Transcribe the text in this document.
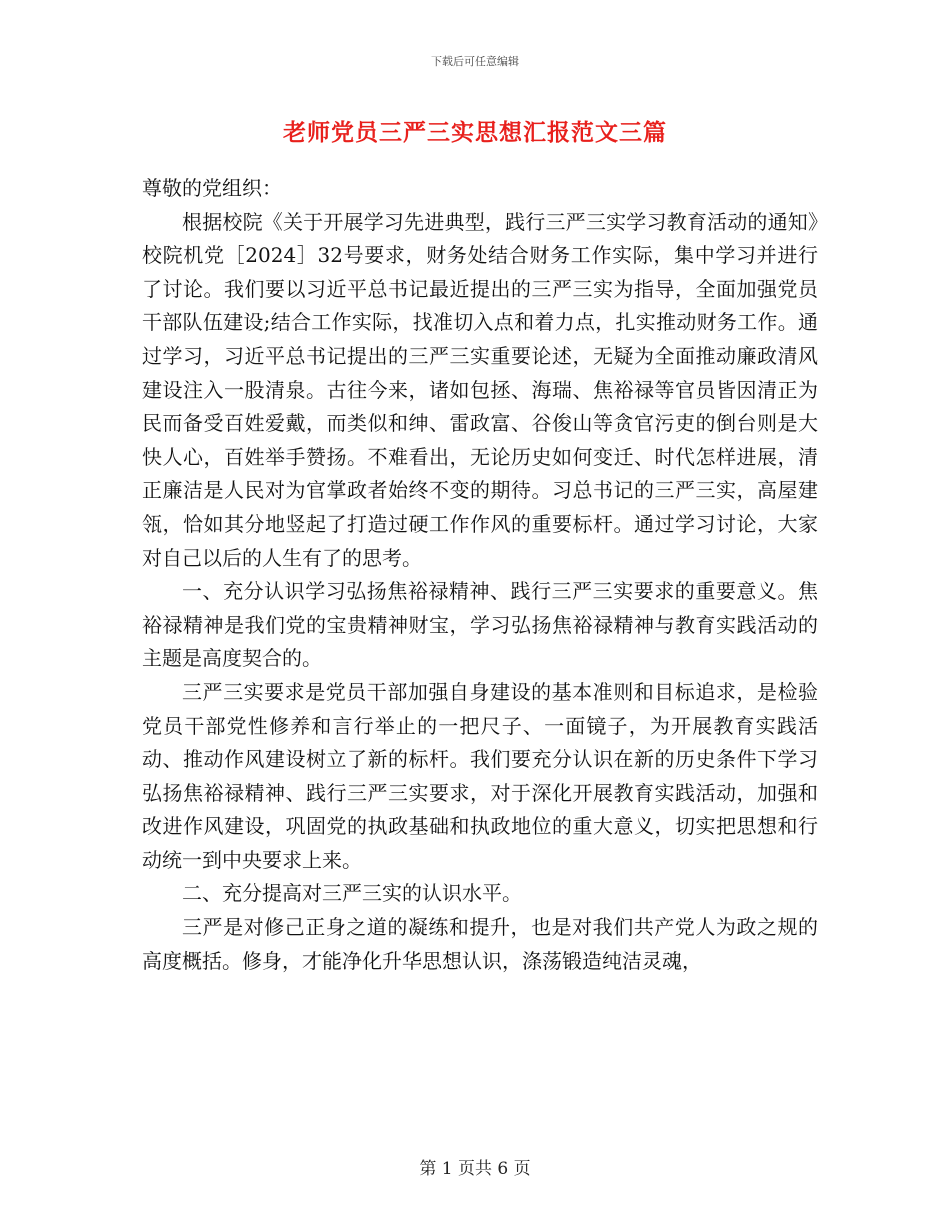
下载后可任意编辑
老师党员三严三实思想汇报范文三篇

尊敬的党组织：

根据校院《关于开展学习先进典型，践行三严三实学习教育活动的通知》校院机党［2024］32号要求，财务处结合财务工作实际，集中学习并进行了讨论。我们要以习近平总书记最近提出的三严三实为指导，全面加强党员干部队伍建设;结合工作实际，找准切入点和着力点，扎实推动财务工作。通过学习，习近平总书记提出的三严三实重要论述，无疑为全面推动廉政清风建设注入一股清泉。古往今来，诸如包拯、海瑞、焦裕禄等官员皆因清正为民而备受百姓爱戴，而类似和绅、雷政富、谷俊山等贪官污吏的倒台则是大快人心，百姓举手赞扬。不难看出，无论历史如何变迁、时代怎样进展，清正廉洁是人民对为官掌政者始终不变的期待。习总书记的三严三实，高屋建瓴，恰如其分地竖起了打造过硬工作作风的重要标杆。通过学习讨论，大家对自己以后的人生有了的思考。

一、充分认识学习弘扬焦裕禄精神、践行三严三实要求的重要意义。焦裕禄精神是我们党的宝贵精神财宝，学习弘扬焦裕禄精神与教育实践活动的主题是高度契合的。

三严三实要求是党员干部加强自身建设的基本准则和目标追求，是检验党员干部党性修养和言行举止的一把尺子、一面镜子，为开展教育实践活动、推动作风建设树立了新的标杆。我们要充分认识在新的历史条件下学习弘扬焦裕禄精神、践行三严三实要求，对于深化开展教育实践活动，加强和改进作风建设，巩固党的执政基础和执政地位的重大意义，切实把思想和行动统一到中央要求上来。

二、充分提高对三严三实的认识水平。

三严是对修己正身之道的凝练和提升，也是对我们共产党人为政之规的高度概括。修身，才能净化升华思想认识，涤荡锻造纯洁灵魂，

第 1 页共 6 页
